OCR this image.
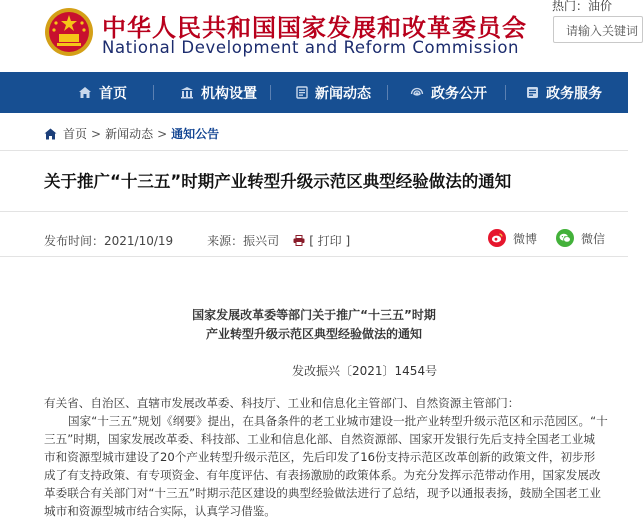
中华人民共和国国家发展和改革委员会
National Development and Reform Commission
热门：油价
请输入关键词
首页	机构设置	新闻动态	政务公开	政务服务
首页 > 新闻动态 > 通知公告
关于推广“十三五”时期产业转型升级示范区典型经验做法的通知
发布时间：2021/10/19	来源：振兴司	[ 打印 ]	微博	微信
国家发展改革委等部门关于推广“十三五”时期
产业转型升级示范区典型经验做法的通知
发改振兴〔2021〕1454号
有关省、自治区、直辖市发展改革委、科技厅、工业和信息化主管部门、自然资源主管部门：
国家“十三五”规划《纲要》提出，在具备条件的老工业城市建设一批产业转型升级示范区和示范园区。“十
三五”时期，国家发展改革委、科技部、工业和信息化部、自然资源部、国家开发银行先后支持全国老工业城
市和资源型城市建设了20个产业转型升级示范区，先后印发了16份支持示范区改革创新的政策文件，初步形
成了有支持政策、有专项资金、有年度评估、有表扬激励的政策体系。为充分发挥示范带动作用，国家发展改
革委联合有关部门对“十三五”时期示范区建设的典型经验做法进行了总结，现予以通报表扬，鼓励全国老工业
城市和资源型城市结合实际，认真学习借鉴。
